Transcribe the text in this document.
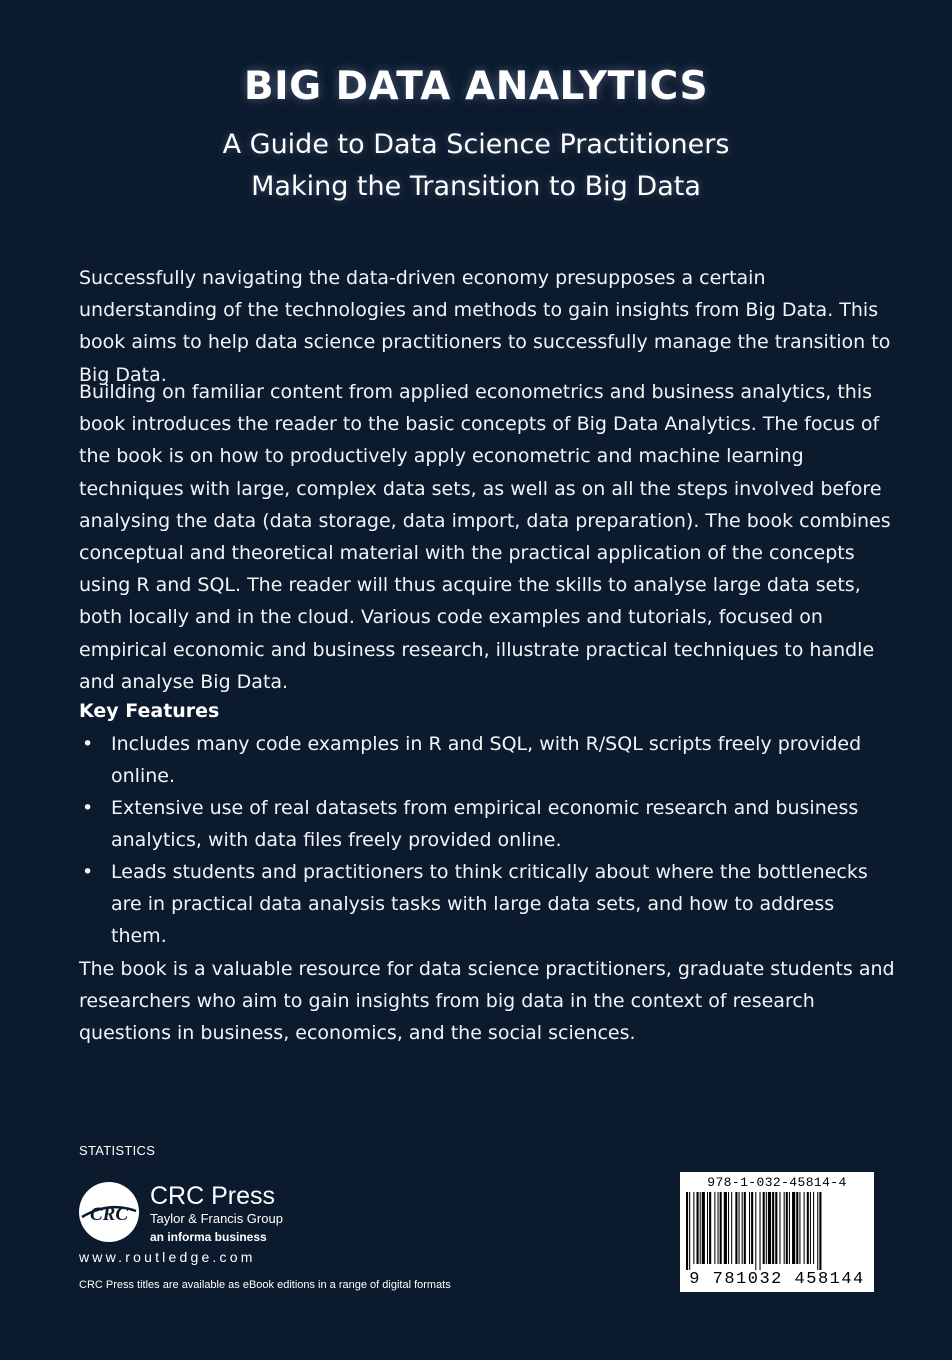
BIG DATA ANALYTICS
A Guide to Data Science Practitioners
Making the Transition to Big Data

Successfully navigating the data-driven economy presupposes a certain understanding of the technologies and methods to gain insights from Big Data. This book aims to help data science practitioners to successfully manage the transition to Big Data.

Building on familiar content from applied econometrics and business analytics, this book introduces the reader to the basic concepts of Big Data Analytics. The focus of the book is on how to productively apply econometric and machine learning techniques with large, complex data sets, as well as on all the steps involved before analysing the data (data storage, data import, data preparation). The book combines conceptual and theoretical material with the practical application of the concepts using R and SQL. The reader will thus acquire the skills to analyse large data sets, both locally and in the cloud. Various code examples and tutorials, focused on empirical economic and business research, illustrate practical techniques to handle and analyse Big Data.

Key Features
• Includes many code examples in R and SQL, with R/SQL scripts freely provided online.
• Extensive use of real datasets from empirical economic research and business analytics, with data files freely provided online.
• Leads students and practitioners to think critically about where the bottlenecks are in practical data analysis tasks with large data sets, and how to address them.

The book is a valuable resource for data science practitioners, graduate students and researchers who aim to gain insights from big data in the context of research questions in business, economics, and the social sciences.

STATISTICS
CRC
CRC Press
Taylor & Francis Group
an informa business
www.routledge.com
CRC Press titles are available as eBook editions in a range of digital formats
978-1-032-45814-4
9 781032 458144
